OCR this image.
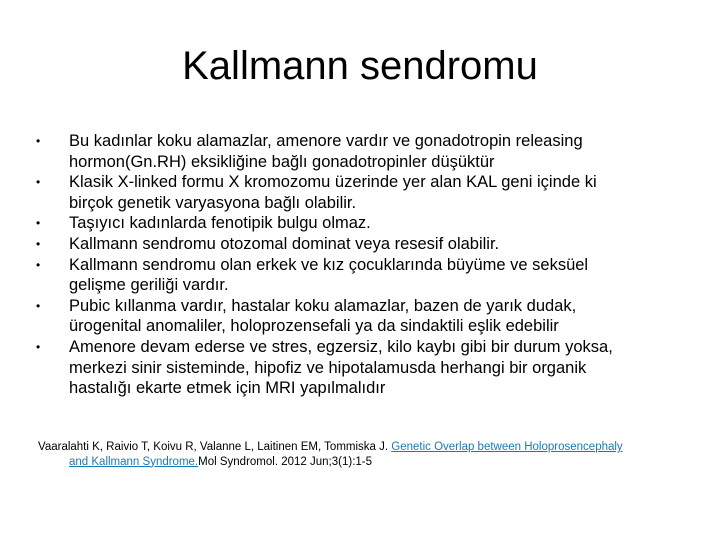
Kallmann sendromu
•	Bu kadınlar koku alamazlar, amenore vardır ve gonadotropin releasing
hormon(Gn.RH) eksikliğine bağlı gonadotropinler düşüktür
•	Klasik X-linked formu X kromozomu üzerinde yer alan KAL geni içinde ki
birçok genetik varyasyona bağlı olabilir.
•	Taşıyıcı kadınlarda fenotipik bulgu olmaz.
•	Kallmann sendromu otozomal dominat veya resesif olabilir.
•	Kallmann sendromu olan erkek ve kız çocuklarında büyüme ve seksüel
gelişme geriliği vardır.
•	Pubic kıllanma vardır, hastalar koku alamazlar, bazen de yarık dudak,
ürogenital anomaliler, holoprozensefali ya da sindaktili eşlik edebilir
•	Amenore devam ederse ve stres, egzersiz, kilo kaybı gibi bir durum yoksa,
merkezi sinir sisteminde, hipofiz ve hipotalamusda herhangi bir organik
hastalığı ekarte etmek için MRI yapılmalıdır
Vaaralahti K, Raivio T, Koivu R, Valanne L, Laitinen EM, Tommiska J. Genetic Overlap between Holoprosencephaly
and Kallmann Syndrome.Mol Syndromol. 2012 Jun;3(1):1-5
